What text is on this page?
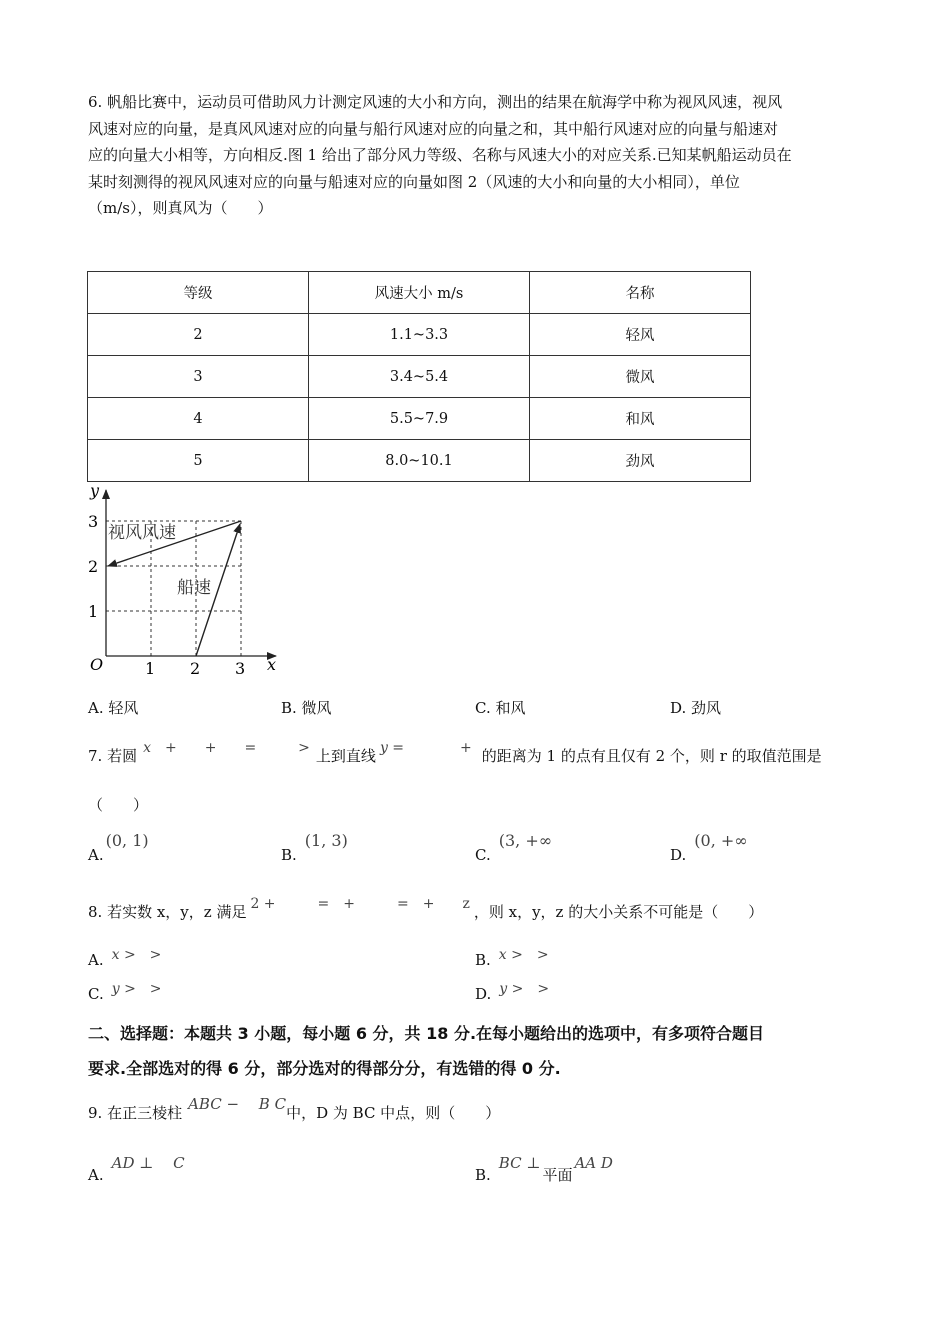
6. 帆船比赛中，运动员可借助风力计测定风速的大小和方向，测出的结果在航海学中称为视风风速，视风
风速对应的向量，是真风风速对应的向量与船行风速对应的向量之和，其中船行风速对应的向量与船速对
应的向量大小相等，方向相反.图 1 给出了部分风力等级、名称与风速大小的对应关系.已知某帆船运动员在
某时刻测得的视风风速对应的向量与船速对应的向量如图 2（风速的大小和向量的大小相同），单位
（m/s），则真风为（　　）
等级	风速大小 m/s	名称
2	1.1~3.3	轻风
3	3.4~5.4	微风
4	5.5~7.9	和风
5	8.0~10.1	劲风
y
x
O	1 2 3
1
2
3
视风风速
船速
A. 轻风	B. 微风	C. 和风	D. 劲风
7. 若圆 x　+　　+　　=　　　> 上到直线 y =　　　　+ 的距离为 1 的点有且仅有 2 个，则 r 的取值范围是
（　　）
A.(0, 1)
B.(1, 3)
C.(3, +∞
D.(0, +∞
8. 若实数 x，y，z 满足 2 +　　　=　+　　　=　+　　z ，则 x，y，z 的大小关系不可能是（　　）
A. x >　>	B. x >　>
C. y >　>	D. y >　>
二、选择题：本题共 3 小题，每小题 6 分，共 18 分.在每小题给出的选项中，有多项符合题目
要求.全部选对的得 6 分，部分选对的得部分分，有选错的得 0 分.
9. 在正三棱柱 ABC −　 B C中，D 为 BC 中点，则（　　）
A.AD ⊥　 C
B.BC ⊥平面AA D
